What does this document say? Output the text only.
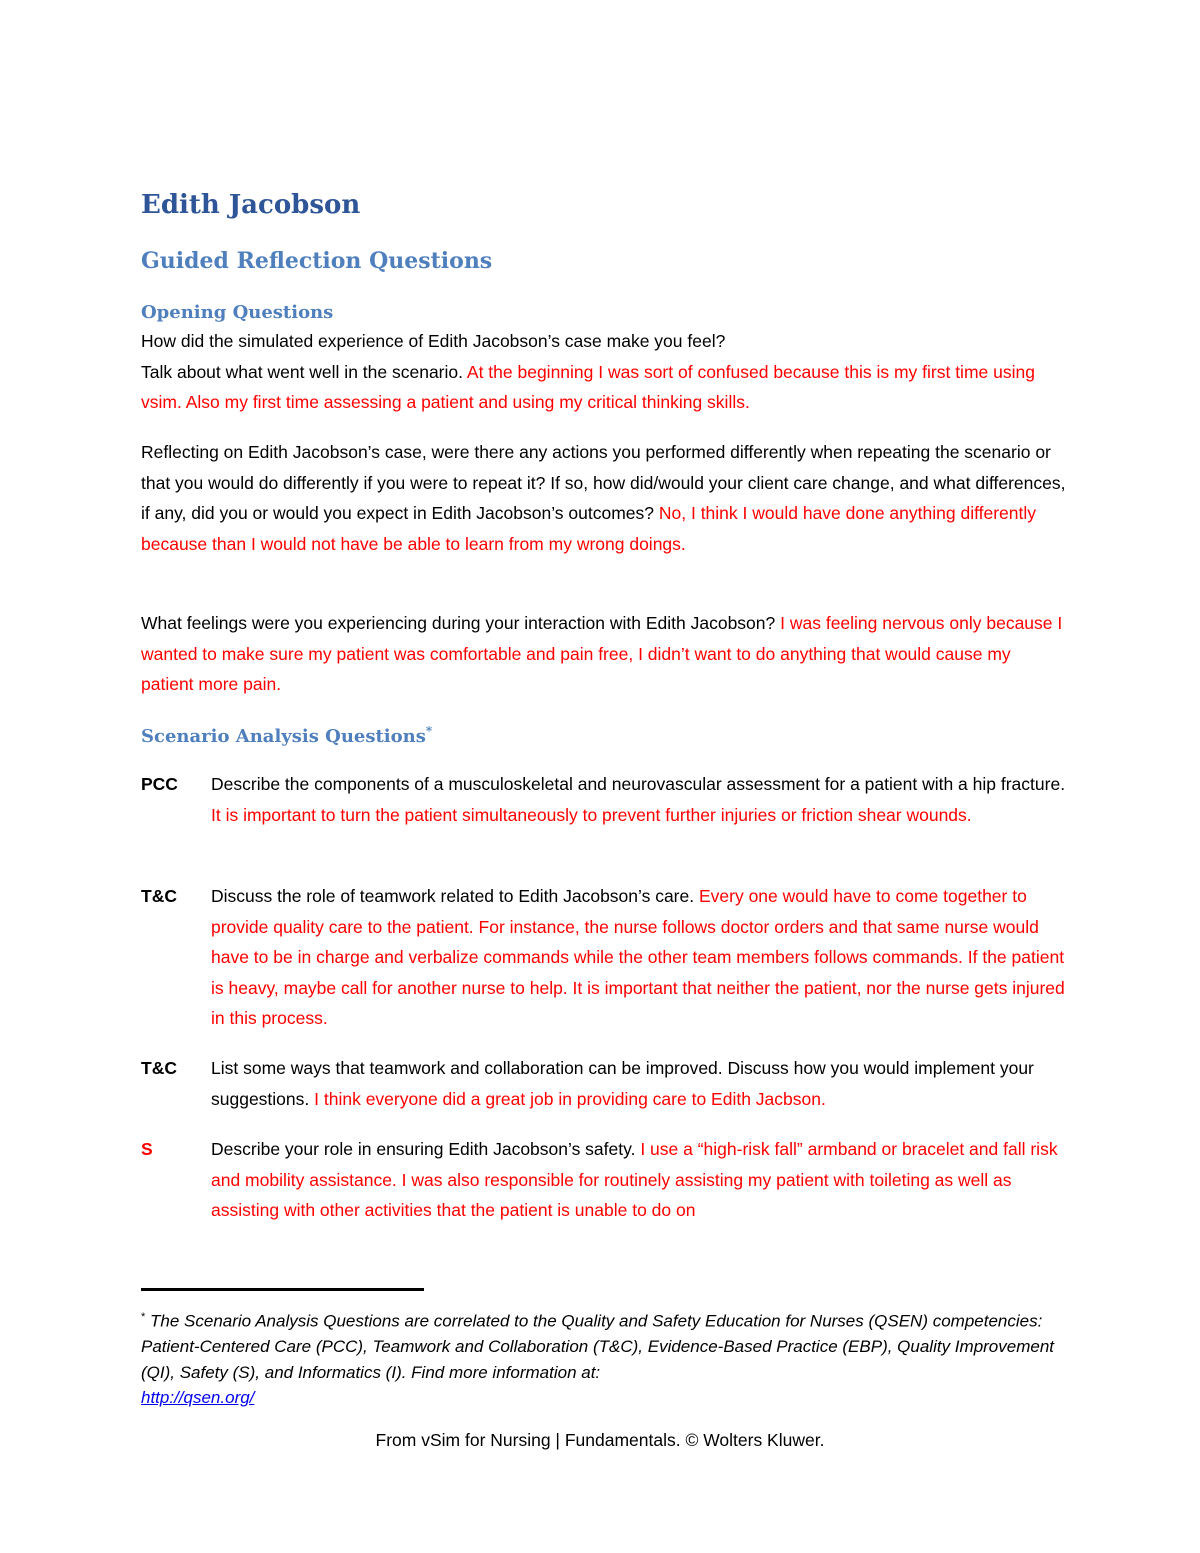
Edith Jacobson
Guided Reflection Questions
Opening Questions

How did the simulated experience of Edith Jacobson’s case make you feel?
Talk about what went well in the scenario. At the beginning I was sort of confused because this is my first time using vsim. Also my first time assessing a patient and using my critical thinking skills.

Reflecting on Edith Jacobson’s case, were there any actions you performed differently when repeating the scenario or that you would do differently if you were to repeat it? If so, how did/would your client care change, and what differences, if any, did you or would you expect in Edith Jacobson’s outcomes? No, I think I would have done anything differently because than I would not have be able to learn from my wrong doings.

What feelings were you experiencing during your interaction with Edith Jacobson? I was feeling nervous only because I wanted to make sure my patient was comfortable and pain free, I didn’t want to do anything that would cause my patient more pain.

Scenario Analysis Questions*
PCC	Describe the components of a musculoskeletal and neurovascular assessment for a patient with a hip fracture. It is important to turn the patient simultaneously to prevent further injuries or friction shear wounds.
T&C	Discuss the role of teamwork related to Edith Jacobson’s care. Every one would have to come together to provide quality care to the patient. For instance, the nurse follows doctor orders and that same nurse would have to be in charge and verbalize commands while the other team members follows commands. If the patient is heavy, maybe call for another nurse to help. It is important that neither the patient, nor the nurse gets injured in this process.
T&C	List some ways that teamwork and collaboration can be improved. Discuss how you would implement your suggestions. I think everyone did a great job in providing care to Edith Jacbson.
S	Describe your role in ensuring Edith Jacobson’s safety. I use a “high-risk fall” armband or bracelet and fall risk and mobility assistance. I was also responsible for routinely assisting my patient with toileting as well as assisting with other activities that the patient is unable to do on

* The Scenario Analysis Questions are correlated to the Quality and Safety Education for Nurses (QSEN) competencies: Patient-Centered Care (PCC), Teamwork and Collaboration (T&C), Evidence-Based Practice (EBP), Quality Improvement (QI), Safety (S), and Informatics (I). Find more information at:
http://qsen.org/

From vSim for Nursing | Fundamentals. © Wolters Kluwer.
